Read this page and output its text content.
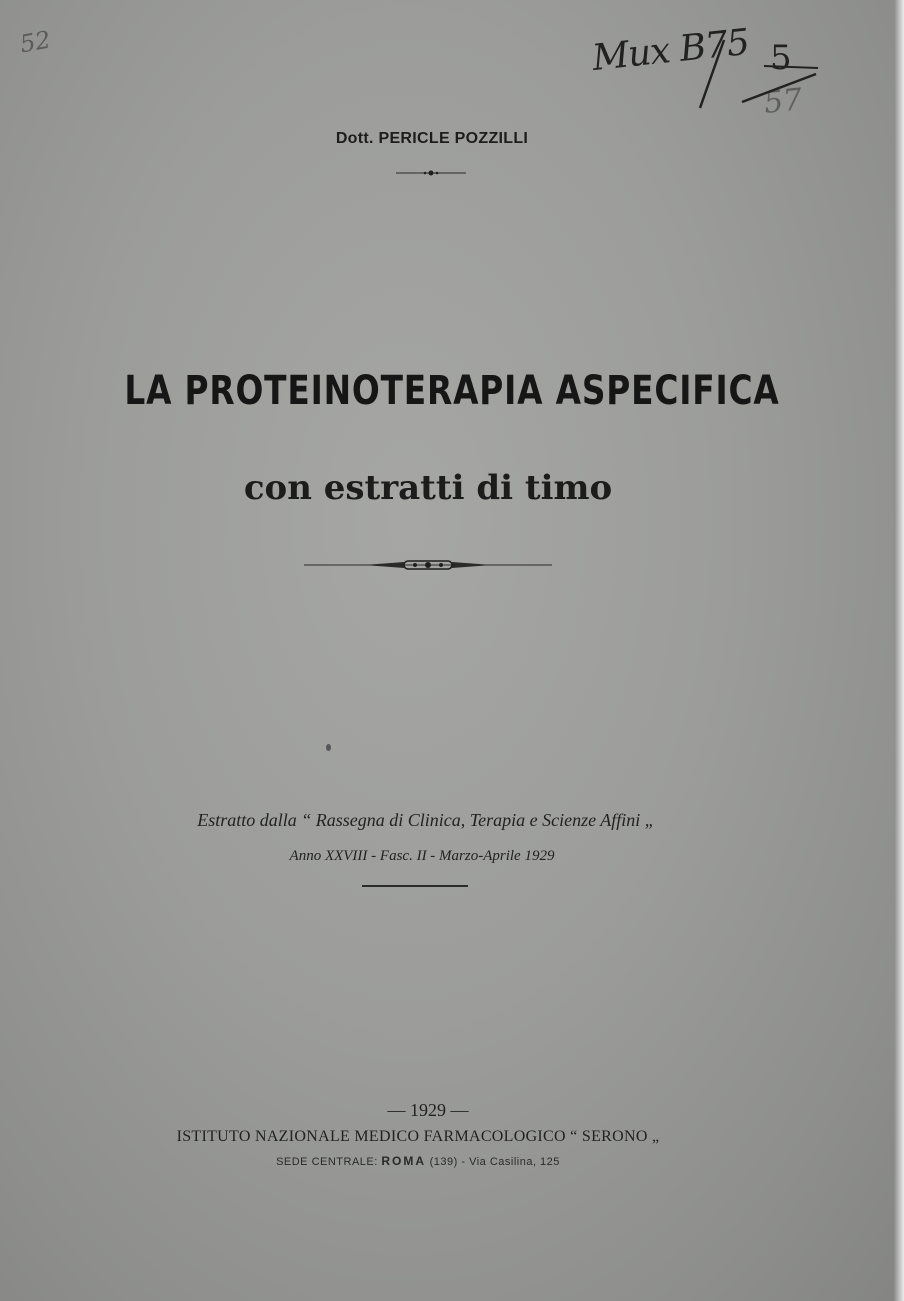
52	Mux B75 5
57
Dott. PERICLE POZZILLI
LA PROTEINOTERAPIA ASPECIFICA
con estratti di timo
Estratto dalla “ Rassegna di Clinica, Terapia e Scienze Affini „
Anno XXVIII - Fasc. II - Marzo-Aprile 1929
— 1929 —
ISTITUTO NAZIONALE MEDICO FARMACOLOGICO “ SERONO „
SEDE CENTRALE: ROMA (139) - Via Casilina, 125
